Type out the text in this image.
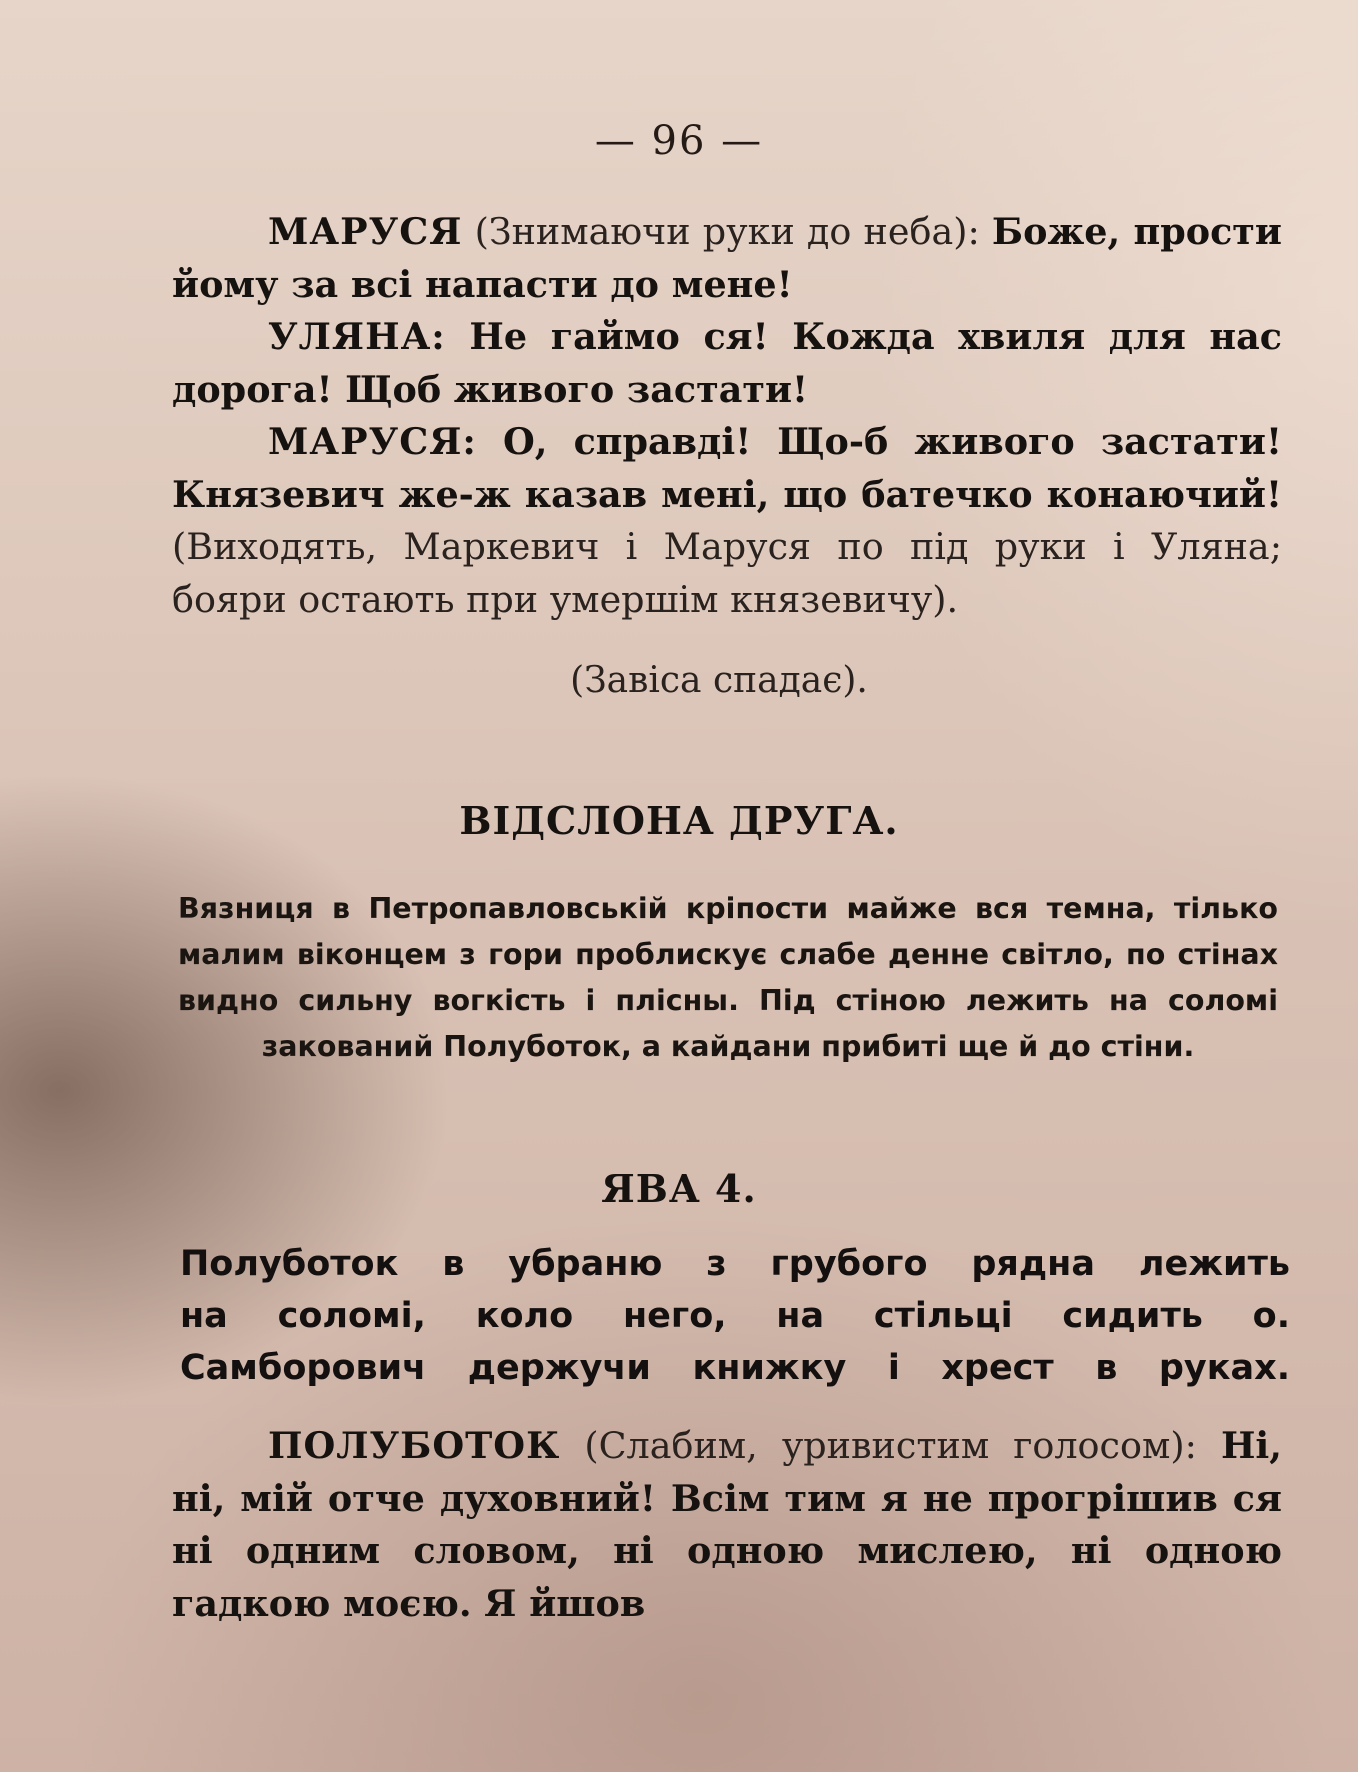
— 96 —

МАРУСЯ (Знимаючи руки до неба): Боже, прости йому за всі напасти до мене!

УЛЯНА: Не гаймо ся! Кожда хвиля для нас дорога! Щоб живого застати!

МАРУСЯ: О, справді! Що-б живого застати! Князевич же-ж казав мені, що батечко конаючий! (Виходять, Маркевич і Маруся по під руки і Уляна; бояри остають при умершім князевичу).

(Завіса спадає).
ВІДСЛОНА ДРУГА.
Вязниця в Петропавловській кріпости майже вся темна, тілько малим віконцем з гори проблискує слабе денне світло, по стінах видно сильну вогкість і плісны. Під стіною лежить на соломі закований Полуботок, а кайдани прибиті ще й до стіни.
ЯВА 4.
Полуботок в убраню з грубого рядна лежить
на соломі, коло него, на стільці сидить о.
Самборович держучи книжку і хрест в руках.

ПОЛУБОТОК (Слабим, уривистим голосом): Ні, ні, мій отче духовний! Всім тим я не прогрішив ся ні одним словом, ні одною мислею, ні одною гадкою моєю. Я йшов
